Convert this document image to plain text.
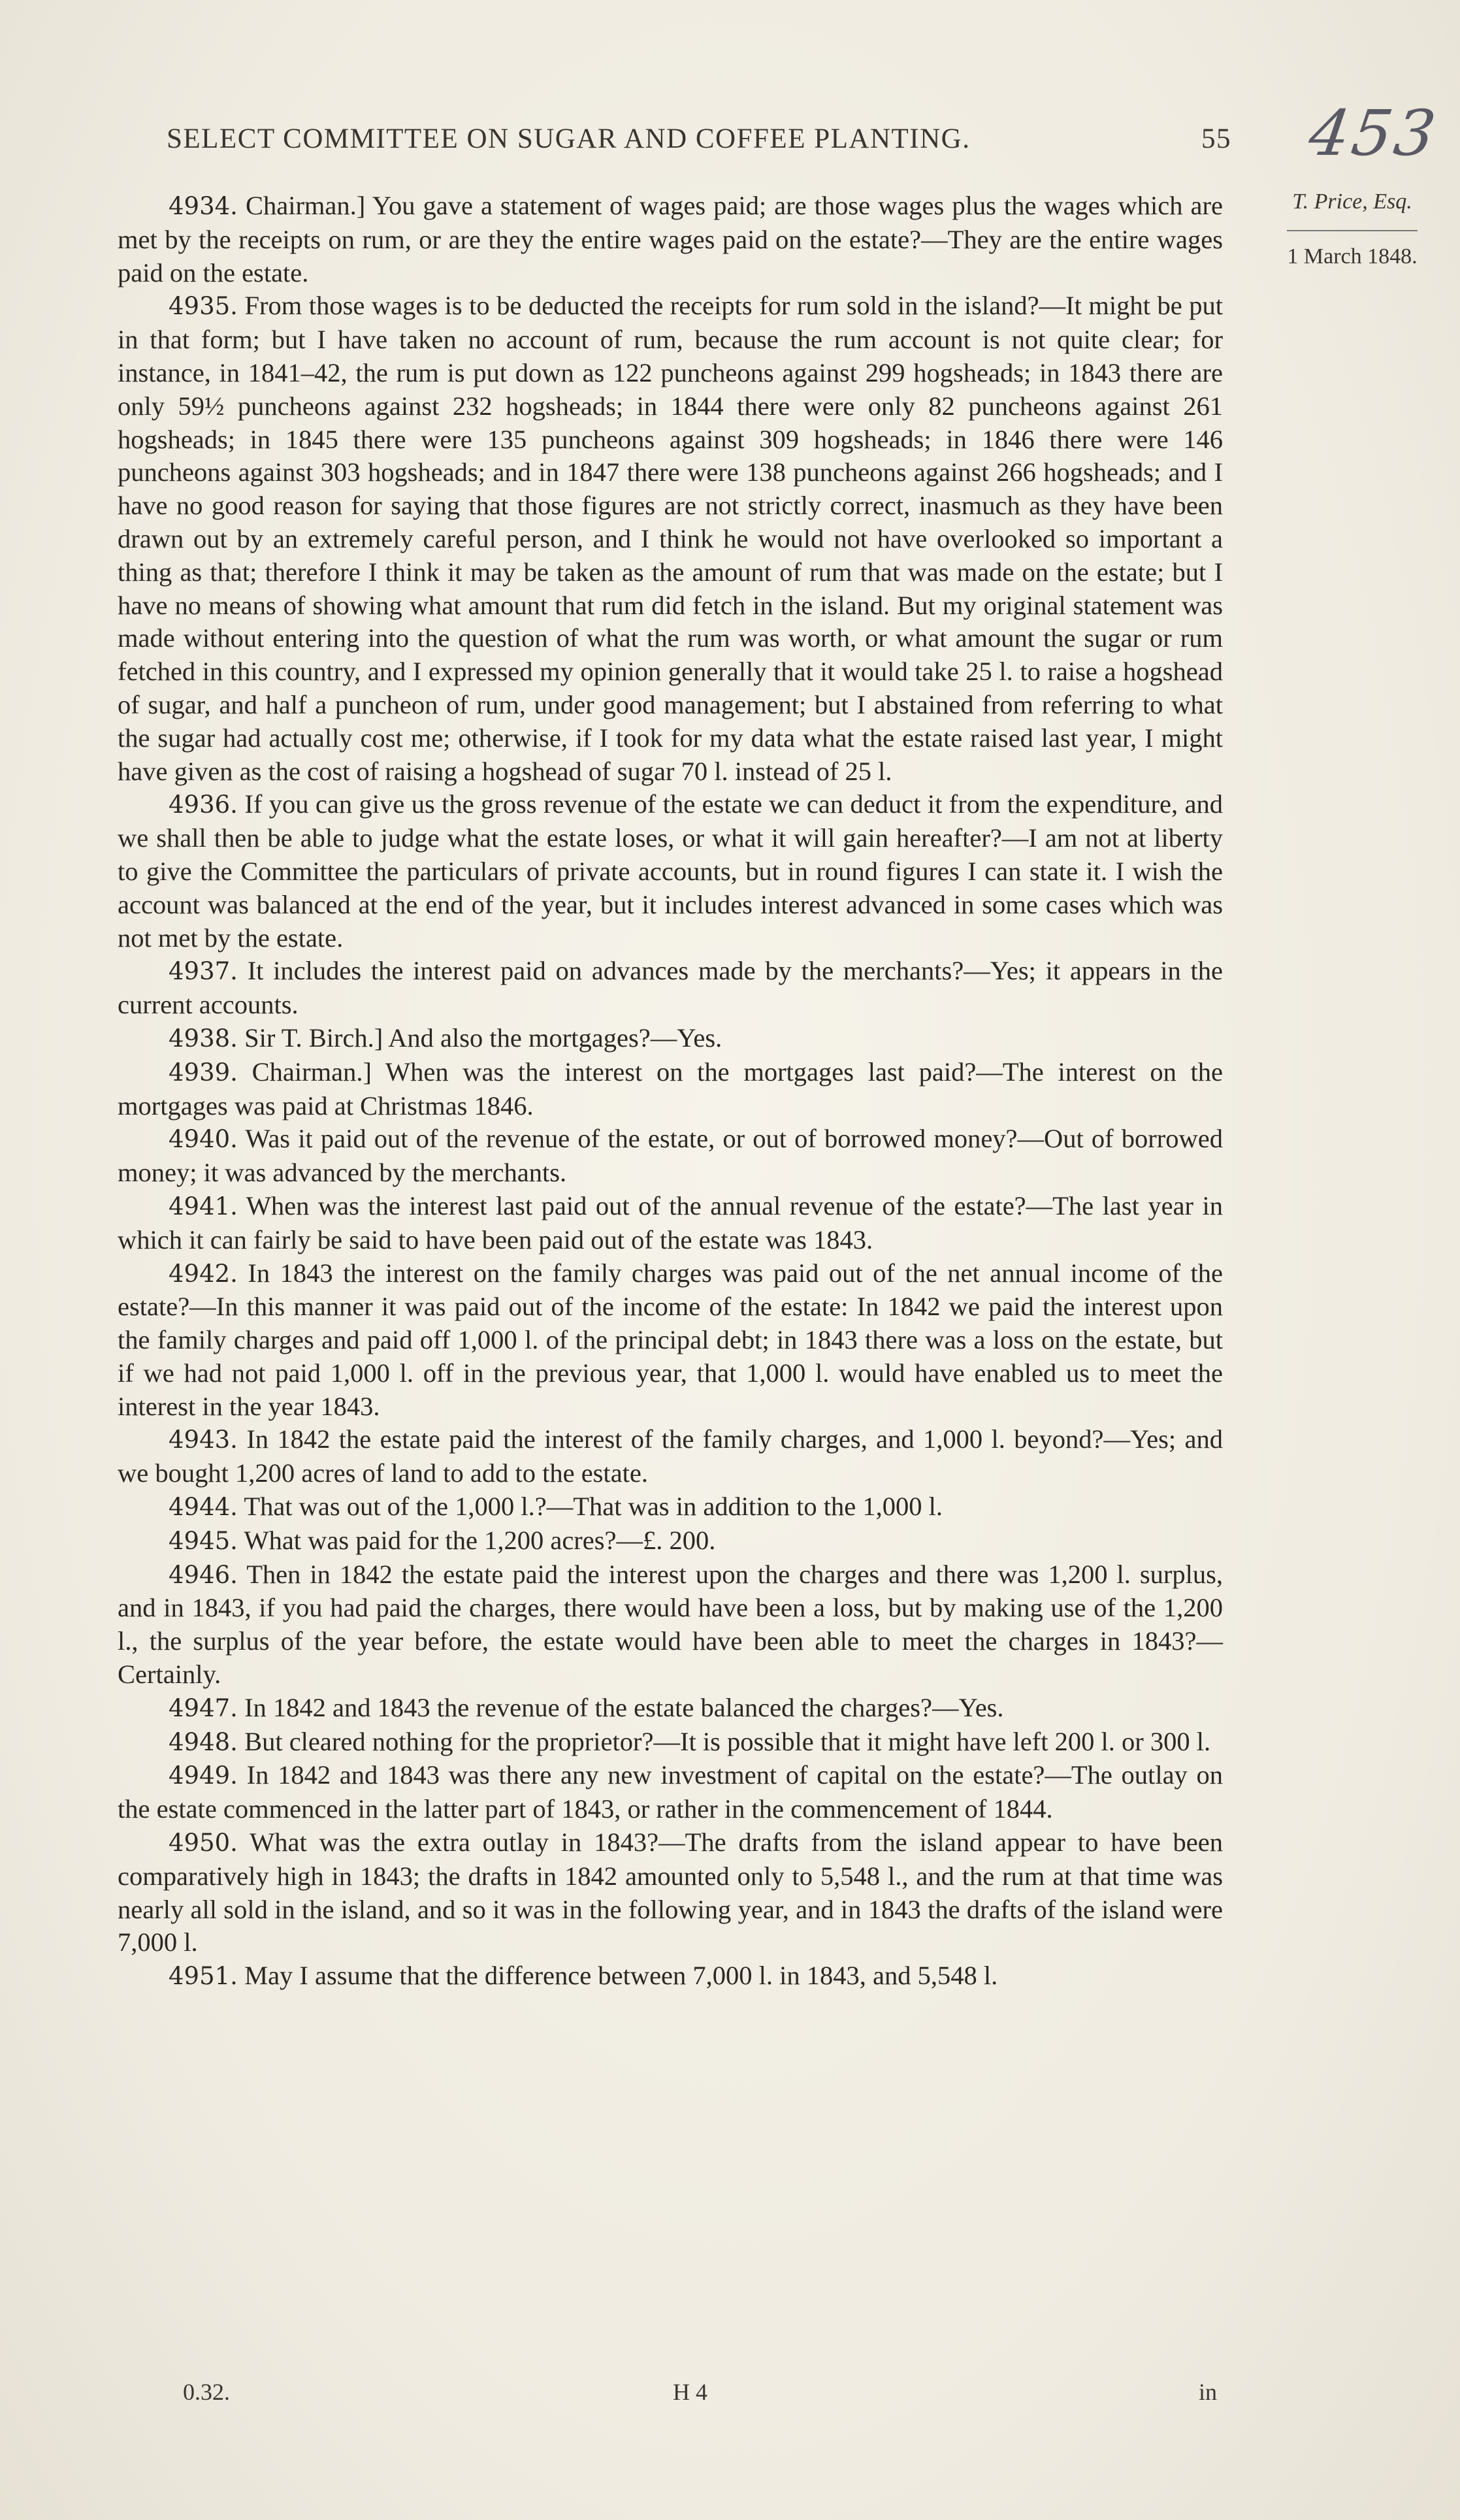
SELECT COMMITTEE ON SUGAR AND COFFEE PLANTING.	55 453
T. Price, Esq.
1 March 1848.

4934. Chairman.] You gave a statement of wages paid; are those wages plus the wages which are met by the receipts on rum, or are they the entire wages paid on the estate?—They are the entire wages paid on the estate.

4935. From those wages is to be deducted the receipts for rum sold in the island?—It might be put in that form; but I have taken no account of rum, because the rum account is not quite clear; for instance, in 1841–42, the rum is put down as 122 puncheons against 299 hogsheads; in 1843 there are only 59½ puncheons against 232 hogsheads; in 1844 there were only 82 puncheons against 261 hogsheads; in 1845 there were 135 puncheons against 309 hogsheads; in 1846 there were 146 puncheons against 303 hogsheads; and in 1847 there were 138 puncheons against 266 hogsheads; and I have no good reason for saying that those figures are not strictly correct, inasmuch as they have been drawn out by an extremely careful person, and I think he would not have overlooked so important a thing as that; therefore I think it may be taken as the amount of rum that was made on the estate; but I have no means of showing what amount that rum did fetch in the island. But my original statement was made without entering into the question of what the rum was worth, or what amount the sugar or rum fetched in this country, and I expressed my opinion generally that it would take 25 l. to raise a hogshead of sugar, and half a puncheon of rum, under good management; but I abstained from referring to what the sugar had actually cost me; otherwise, if I took for my data what the estate raised last year, I might have given as the cost of raising a hogshead of sugar 70 l. instead of 25 l.

4936. If you can give us the gross revenue of the estate we can deduct it from the expenditure, and we shall then be able to judge what the estate loses, or what it will gain hereafter?—I am not at liberty to give the Committee the particulars of private accounts, but in round figures I can state it. I wish the account was balanced at the end of the year, but it includes interest advanced in some cases which was not met by the estate.

4937. It includes the interest paid on advances made by the merchants?—Yes; it appears in the current accounts.

4938. Sir T. Birch.] And also the mortgages?—Yes.

4939. Chairman.] When was the interest on the mortgages last paid?—The interest on the mortgages was paid at Christmas 1846.

4940. Was it paid out of the revenue of the estate, or out of borrowed money?—Out of borrowed money; it was advanced by the merchants.

4941. When was the interest last paid out of the annual revenue of the estate?—The last year in which it can fairly be said to have been paid out of the estate was 1843.

4942. In 1843 the interest on the family charges was paid out of the net annual income of the estate?—In this manner it was paid out of the income of the estate: In 1842 we paid the interest upon the family charges and paid off 1,000 l. of the principal debt; in 1843 there was a loss on the estate, but if we had not paid 1,000 l. off in the previous year, that 1,000 l. would have enabled us to meet the interest in the year 1843.

4943. In 1842 the estate paid the interest of the family charges, and 1,000 l. beyond?—Yes; and we bought 1,200 acres of land to add to the estate.

4944. That was out of the 1,000 l.?—That was in addition to the 1,000 l.

4945. What was paid for the 1,200 acres?—£. 200.

4946. Then in 1842 the estate paid the interest upon the charges and there was 1,200 l. surplus, and in 1843, if you had paid the charges, there would have been a loss, but by making use of the 1,200 l., the surplus of the year before, the estate would have been able to meet the charges in 1843?—Certainly.

4947. In 1842 and 1843 the revenue of the estate balanced the charges?—Yes.

4948. But cleared nothing for the proprietor?—It is possible that it might have left 200 l. or 300 l.

4949. In 1842 and 1843 was there any new investment of capital on the estate?—The outlay on the estate commenced in the latter part of 1843, or rather in the commencement of 1844.

4950. What was the extra outlay in 1843?—The drafts from the island appear to have been comparatively high in 1843; the drafts in 1842 amounted only to 5,548 l., and the rum at that time was nearly all sold in the island, and so it was in the following year, and in 1843 the drafts of the island were 7,000 l.

4951. May I assume that the difference between 7,000 l. in 1843, and 5,548 l.

0.32.	H 4	in
